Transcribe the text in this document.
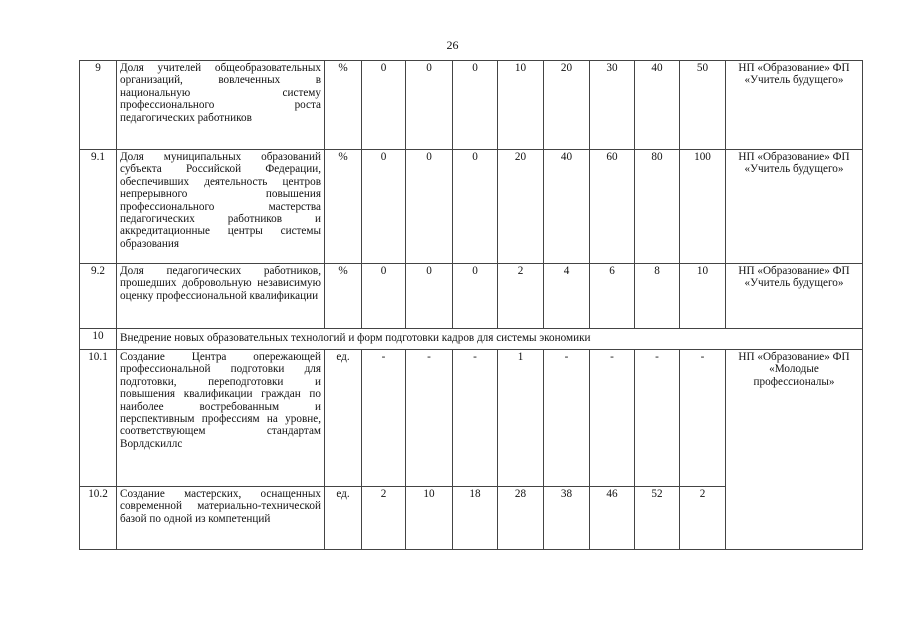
26
9	Доля учителей общеобразовательных организаций, вовлеченных в национальную систему профессионального роста педагогических работников	%	0	0	0	10	20	30	40	50	НП «Образование» ФП «Учитель будущего»
9.1	Доля муниципальных образований субъекта Российской Федерации, обеспечивших деятельность центров непрерывного повышения профессионального мастерства педагогических работников и аккредитационные центры системы образования	%	0	0	0	20	40	60	80	100	НП «Образование» ФП «Учитель будущего»
9.2	Доля педагогических работников, прошедших добровольную независимую оценку профессиональной квалификации	%	0	0	0	2	4	6	8	10	НП «Образование» ФП «Учитель будущего»
10	Внедрение новых образовательных технологий и форм подготовки кадров для системы экономики										
10.1	Создание Центра опережающей профессиональной подготовки для подготовки, переподготовки и повышения квалификации граждан по наиболее востребованным и перспективным профессиям на уровне, соответствующем стандартам Ворлдскиллс	ед.	-	-	-	1	-	-	-	-	НП «Образование» ФП «Молодые профессионалы»
10.2	Создание мастерских, оснащенных современной материально-технической базой по одной из компетенций	ед.	2	10	18	28	38	46	52	2	
